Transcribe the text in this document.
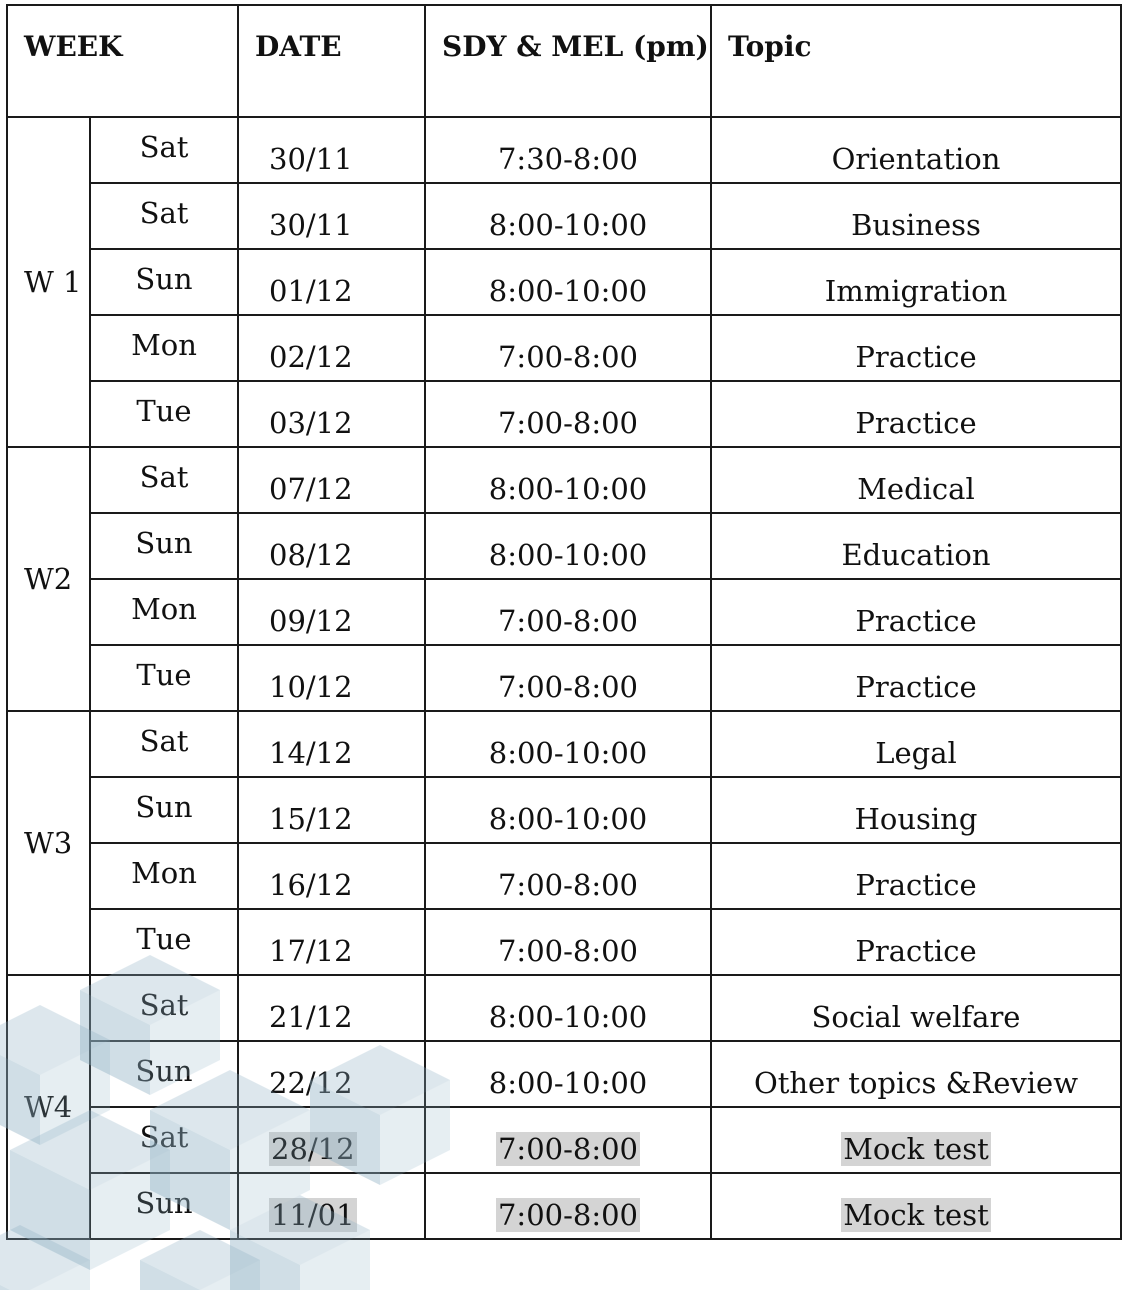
WEEK		DATE	SDY & MEL (pm)	Topic
W 1	Sat	30/11	7:30-8:00	Orientation
	Sat	30/11	8:00-10:00	Business
	Sun	01/12	8:00-10:00	Immigration
	Mon	02/12	7:00-8:00	Practice
	Tue	03/12	7:00-8:00	Practice
W2	Sat	07/12	8:00-10:00	Medical
	Sun	08/12	8:00-10:00	Education
	Mon	09/12	7:00-8:00	Practice
	Tue	10/12	7:00-8:00	Practice
W3	Sat	14/12	8:00-10:00	Legal
	Sun	15/12	8:00-10:00	Housing
	Mon	16/12	7:00-8:00	Practice
	Tue	17/12	7:00-8:00	Practice
W4	Sat	21/12	8:00-10:00	Social welfare
	Sun	22/12	8:00-10:00	Other topics &Review
	Sat	28/12	7:00-8:00	Mock test
	Sun	11/01	7:00-8:00	Mock test
